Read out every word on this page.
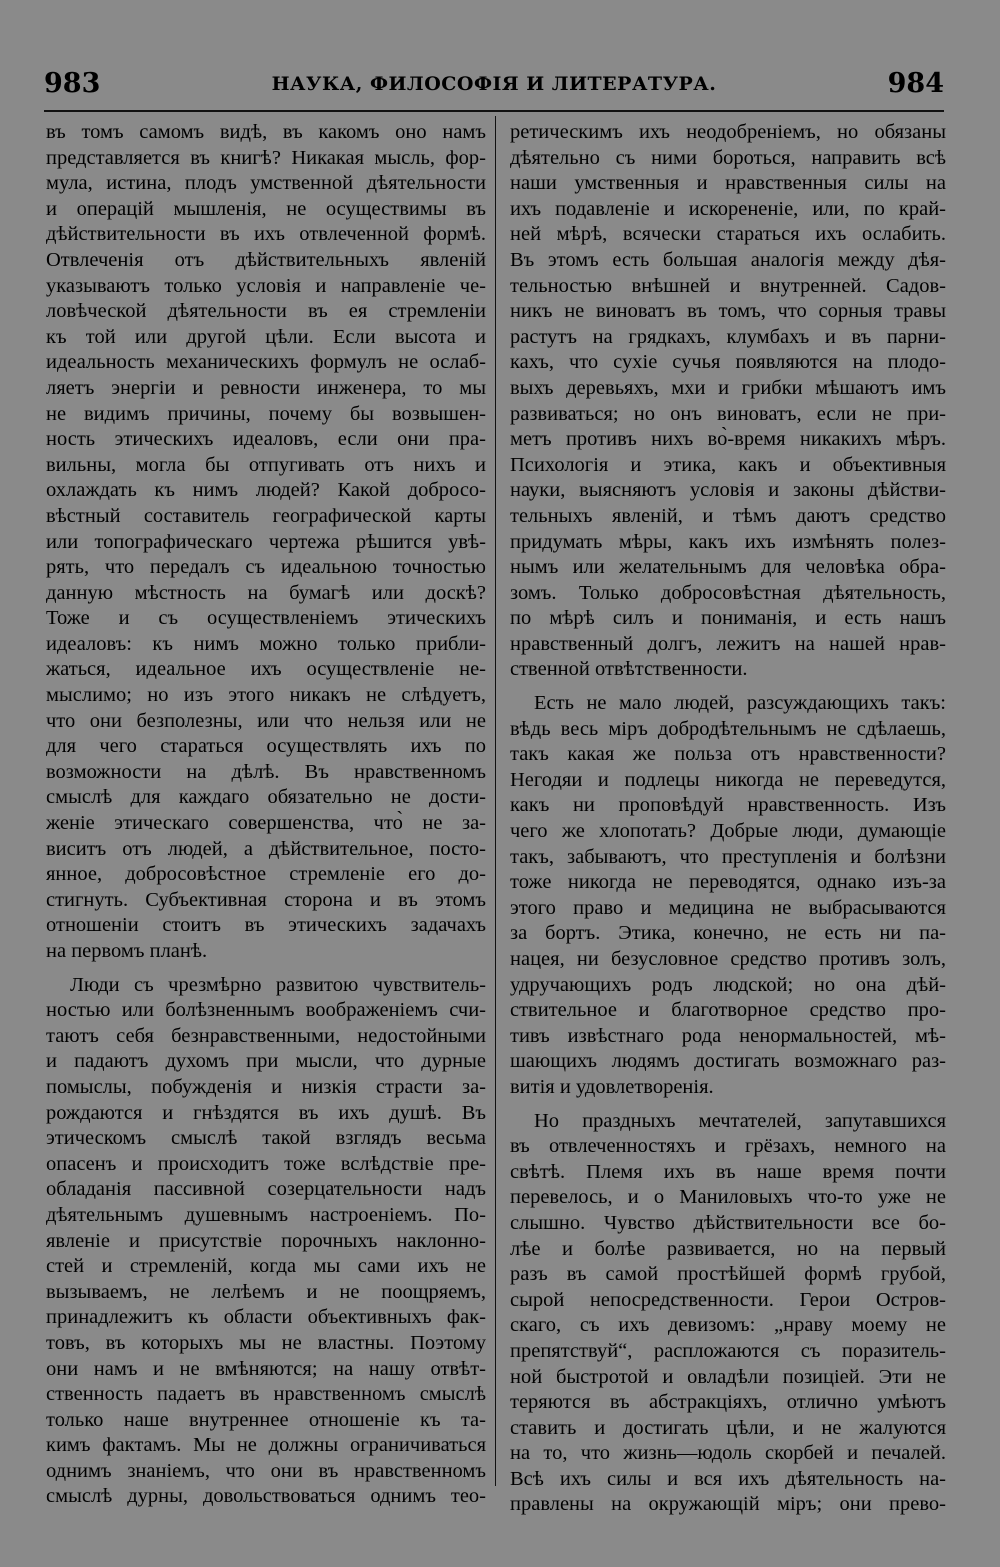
983	НАУКА, ФИЛОСОФІЯ И ЛИТЕРАТУРА.	984
въ томъ самомъ видѣ, въ какомъ оно намъ
представляется въ книгѣ? Никакая мысль, фор-
мула, истина, плодъ умственной дѣятельности
и операцій мышленія, не осуществимы въ
дѣйствительности въ ихъ отвлеченной формѣ.
Отвлеченія отъ дѣйствительныхъ явленій
указываютъ только условія и направленіе че-
ловѣческой дѣятельности въ ея стремленіи
къ той или другой цѣли. Если высота и
идеальность механическихъ формулъ не ослаб-
ляетъ энергіи и ревности инженера, то мы
не видимъ причины, почему бы возвышен-
ность этическихъ идеаловъ, если они пра-
вильны, могла бы отпугивать отъ нихъ и
охлаждать къ нимъ людей? Какой добросо-
вѣстный составитель географической карты
или топографическаго чертежа рѣшится увѣ-
рять, что передалъ съ идеальною точностью
данную мѣстность на бумагѣ или доскѣ?
Тоже и съ осуществленіемъ этическихъ
идеаловъ: къ нимъ можно только прибли-
жаться, идеальное ихъ осуществленіе не-
мыслимо; но изъ этого никакъ не слѣдуетъ,
что они безполезны, или что нельзя или не
для чего стараться осуществлять ихъ по
возможности на дѣлѣ. Въ нравственномъ
смыслѣ для каждаго обязательно не дости-
женіе этическаго совершенства, что̀ не за-
виситъ отъ людей, а дѣйствительное, посто-
янное, добросовѣстное стремленіе его до-
стигнуть. Субъективная сторона и въ этомъ
отношеніи стоитъ въ этическихъ задачахъ
на первомъ планѣ.
Люди съ чрезмѣрно развитою чувствитель-
ностью или болѣзненнымъ воображеніемъ счи-
таютъ себя безнравственными, недостойными
и падаютъ духомъ при мысли, что дурные
помыслы, побужденія и низкія страсти за-
рождаются и гнѣздятся въ ихъ душѣ. Въ
этическомъ смыслѣ такой взглядъ весьма
опасенъ и происходитъ тоже вслѣдствіе пре-
обладанія пассивной созерцательности надъ
дѣятельнымъ душевнымъ настроеніемъ. По-
явленіе и присутствіе порочныхъ наклонно-
стей и стремленій, когда мы сами ихъ не
вызываемъ, не лелѣемъ и не поощряемъ,
принадлежитъ къ области объективныхъ фак-
товъ, въ которыхъ мы не властны. Поэтому
они намъ и не вмѣняются; на нашу отвѣт-
ственность падаетъ въ нравственномъ смыслѣ
только наше внутреннее отношеніе къ та-
кимъ фактамъ. Мы не должны ограничиваться
однимъ знаніемъ, что они въ нравственномъ
смыслѣ дурны, довольствоваться однимъ тео-
ретическимъ ихъ неодобреніемъ, но обязаны
дѣятельно съ ними бороться, направить всѣ
наши умственныя и нравственныя силы на
ихъ подавленіе и искорененіе, или, по край-
ней мѣрѣ, всячески стараться ихъ ослабить.
Въ этомъ есть большая аналогія между дѣя-
тельностью внѣшней и внутренней. Садов-
никъ не виноватъ въ томъ, что сорныя травы
растутъ на грядкахъ, клумбахъ и въ парни-
кахъ, что сухіе сучья появляются на плодо-
выхъ деревьяхъ, мхи и грибки мѣшаютъ имъ
развиваться; но онъ виноватъ, если не при-
метъ противъ нихъ во̀-время никакихъ мѣръ.
Психологія и этика, какъ и объективныя
науки, выясняютъ условія и законы дѣйстви-
тельныхъ явленій, и тѣмъ даютъ средство
придумать мѣры, какъ ихъ измѣнять полез-
нымъ или желательнымъ для человѣка обра-
зомъ. Только добросовѣстная дѣятельность,
по мѣрѣ силъ и пониманія, и есть нашъ
нравственный долгъ, лежитъ на нашей нрав-
ственной отвѣтственности.
Есть не мало людей, разсуждающихъ такъ:
вѣдь весь міръ добродѣтельнымъ не сдѣлаешь,
такъ какая же польза отъ нравственности?
Негодяи и подлецы никогда не переведутся,
какъ ни проповѣдуй нравственность. Изъ
чего же хлопотать? Добрые люди, думающіе
такъ, забываютъ, что преступленія и болѣзни
тоже никогда не переводятся, однако изъ-за
этого право и медицина не выбрасываются
за бортъ. Этика, конечно, не есть ни па-
нацея, ни безусловное средство противъ золъ,
удручающихъ родъ людской; но она дѣй-
ствительное и благотворное средство про-
тивъ извѣстнаго рода ненормальностей, мѣ-
шающихъ людямъ достигать возможнаго раз-
витія и удовлетворенія.
Но праздныхъ мечтателей, запутавшихся
въ отвлеченностяхъ и грёзахъ, немного на
свѣтѣ. Племя ихъ въ наше время почти
перевелось, и о Маниловыхъ что-то уже не
слышно. Чувство дѣйствительности все бо-
лѣе и болѣе развивается, но на первый
разъ въ самой простѣйшей формѣ грубой,
сырой непосредственности. Герои Остров-
скаго, съ ихъ девизомъ: „нраву моему не
препятствуй“, распложаются съ поразитель-
ной быстротой и овладѣли позиціей. Эти не
теряются въ абстракціяхъ, отлично умѣютъ
ставить и достигать цѣли, и не жалуются
на то, что жизнь—юдоль скорбей и печалей.
Всѣ ихъ силы и вся ихъ дѣятельность на-
правлены на окружающій міръ; они прево-
